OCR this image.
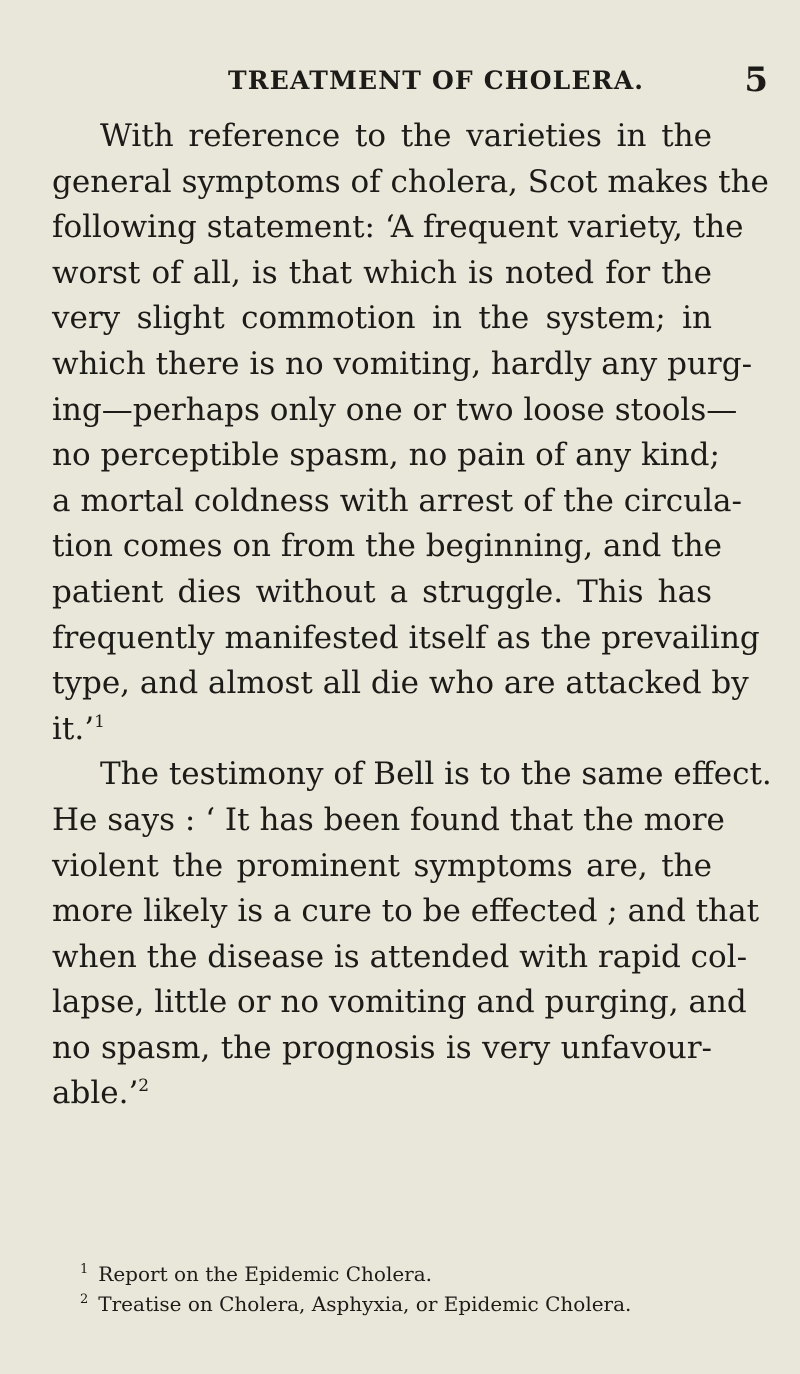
TREATMENT OF CHOLERA.	5
With reference to the varieties in the
general symptoms of cholera, Scot makes the
following statement: ‘A frequent variety, the
worst of all, is that which is noted for the
very slight commotion in the system; in
which there is no vomiting, hardly any purg-
ing—perhaps only one or two loose stools—
no perceptible spasm, no pain of any kind;
a mortal coldness with arrest of the circula-
tion comes on from the beginning, and the
patient dies without a struggle. This has
frequently manifested itself as the prevailing
type, and almost all die who are attacked by
it.’$^1$
The testimony of Bell is to the same effect.
He says : ‘ It has been found that the more
violent the prominent symptoms are, the
more likely is a cure to be effected ; and that
when the disease is attended with rapid col-
lapse, little or no vomiting and purging, and
no spasm, the prognosis is very unfavour-
able.’$^2$
$^1$ Report on the Epidemic Cholera.
$^2$ Treatise on Cholera, Asphyxia, or Epidemic Cholera.
